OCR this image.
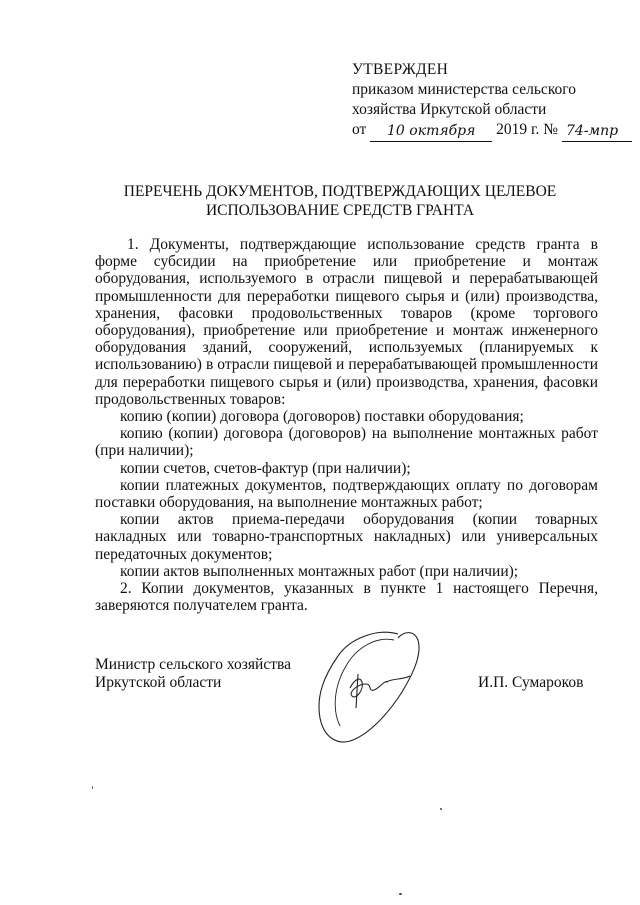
УТВЕРЖДЕН
приказом министерства сельского
хозяйства Иркутской области
от 10 октября 2019 г. № 74-мпр
ПЕРЕЧЕНЬ ДОКУМЕНТОВ, ПОДТВЕРЖДАЮЩИХ ЦЕЛЕВОЕ
ИСПОЛЬЗОВАНИЕ СРЕДСТВ ГРАНТА

1. Документы, подтверждающие использование средств гранта в форме субсидии на приобретение или приобретение и монтаж оборудования, используемого в отрасли пищевой и перерабатывающей промышленности для переработки пищевого сырья и (или) производства, хранения, фасовки продовольственных товаров (кроме торгового оборудования), приобретение или приобретение и монтаж инженерного оборудования зданий, сооружений, используемых (планируемых к использованию) в отрасли пищевой и перерабатывающей промышленности для переработки пищевого сырья и (или) производства, хранения, фасовки продовольственных товаров:

копию (копии) договора (договоров) поставки оборудования;

копию (копии) договора (договоров) на выполнение монтажных работ (при наличии);

копии счетов, счетов-фактур (при наличии);

копии платежных документов, подтверждающих оплату по договорам поставки оборудования, на выполнение монтажных работ;

копии актов приема-передачи оборудования (копии товарных накладных или товарно-транспортных накладных) или универсальных передаточных документов;

копии актов выполненных монтажных работ (при наличии);

2. Копии документов, указанных в пункте 1 настоящего Перечня, заверяются получателем гранта.

Министр сельского хозяйства
Иркутской области	И.П. Сумароков
